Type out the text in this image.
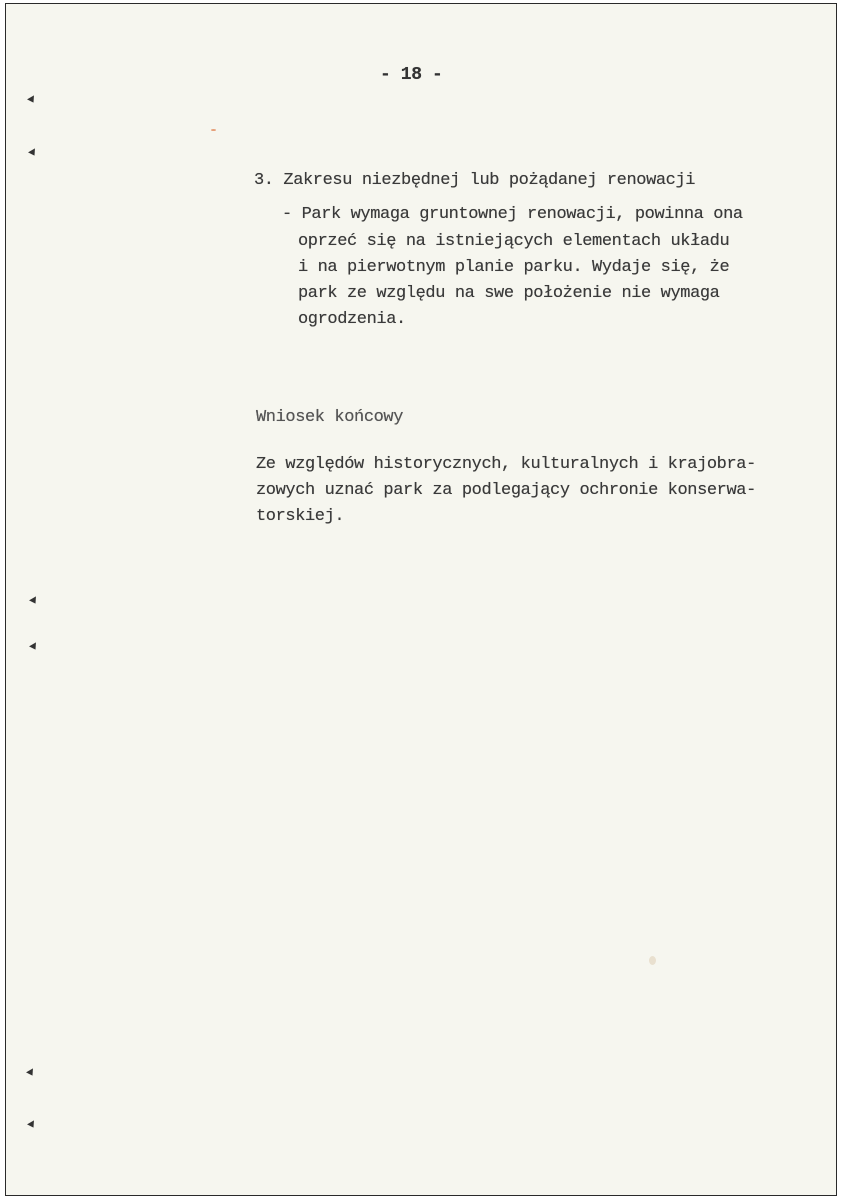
- 18 -
3. Zakresu niezbędnej lub pożądanej renowacji
- Park wymaga gruntownej renowacji, powinna ona
oprzeć się na istniejących elementach układu
i na pierwotnym planie parku. Wydaje się, że
park ze względu na swe położenie nie wymaga
ogrodzenia.
Wniosek końcowy
Ze względów historycznych, kulturalnych i krajobra-
zowych uznać park za podlegający ochronie konserwa-
torskiej.
